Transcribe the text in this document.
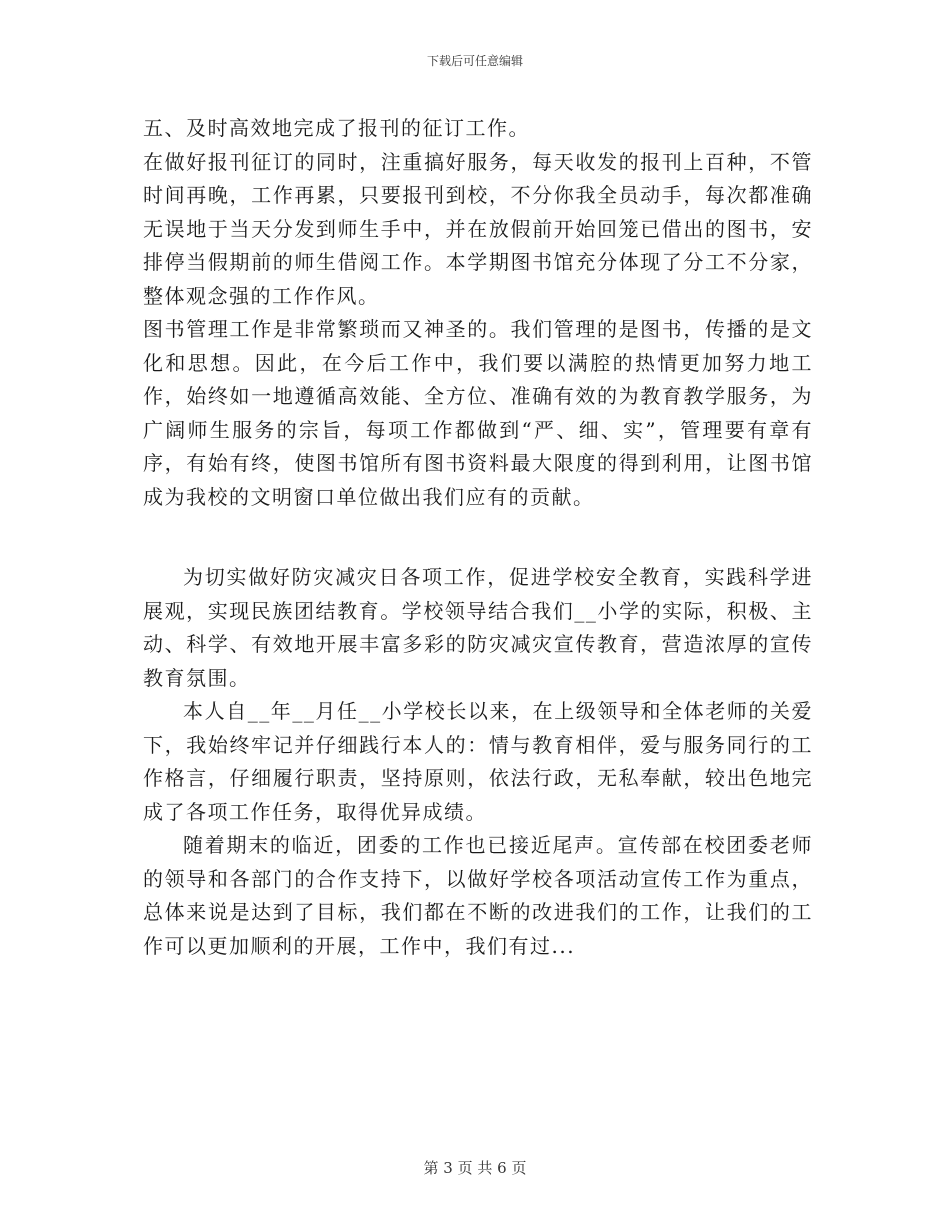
下载后可任意编辑

五、及时高效地完成了报刊的征订工作。

在做好报刊征订的同时，注重搞好服务，每天收发的报刊上百种，不管时间再晚，工作再累，只要报刊到校，不分你我全员动手，每次都准确无误地于当天分发到师生手中，并在放假前开始回笼已借出的图书，安排停当假期前的师生借阅工作。本学期图书馆充分体现了分工不分家，整体观念强的工作作风。

图书管理工作是非常繁琐而又神圣的。我们管理的是图书，传播的是文化和思想。因此，在今后工作中，我们要以满腔的热情更加努力地工作，始终如一地遵循高效能、全方位、准确有效的为教育教学服务，为广阔师生服务的宗旨，每项工作都做到“严、细、实”，管理要有章有序，有始有终，使图书馆所有图书资料最大限度的得到利用，让图书馆成为我校的文明窗口单位做出我们应有的贡献。

为切实做好防灾减灾日各项工作，促进学校安全教育，实践科学进展观，实现民族团结教育。学校领导结合我们__小学的实际，积极、主动、科学、有效地开展丰富多彩的防灾减灾宣传教育，营造浓厚的宣传教育氛围。

本人自__年__月任__小学校长以来，在上级领导和全体老师的关爱下，我始终牢记并仔细践行本人的：情与教育相伴，爱与服务同行的工作格言，仔细履行职责，坚持原则，依法行政，无私奉献，较出色地完成了各项工作任务，取得优异成绩。

随着期末的临近，团委的工作也已接近尾声。宣传部在校团委老师的领导和各部门的合作支持下，以做好学校各项活动宣传工作为重点，总体来说是达到了目标，我们都在不断的改进我们的工作，让我们的工作可以更加顺利的开展，工作中，我们有过...

第 3 页 共 6 页
